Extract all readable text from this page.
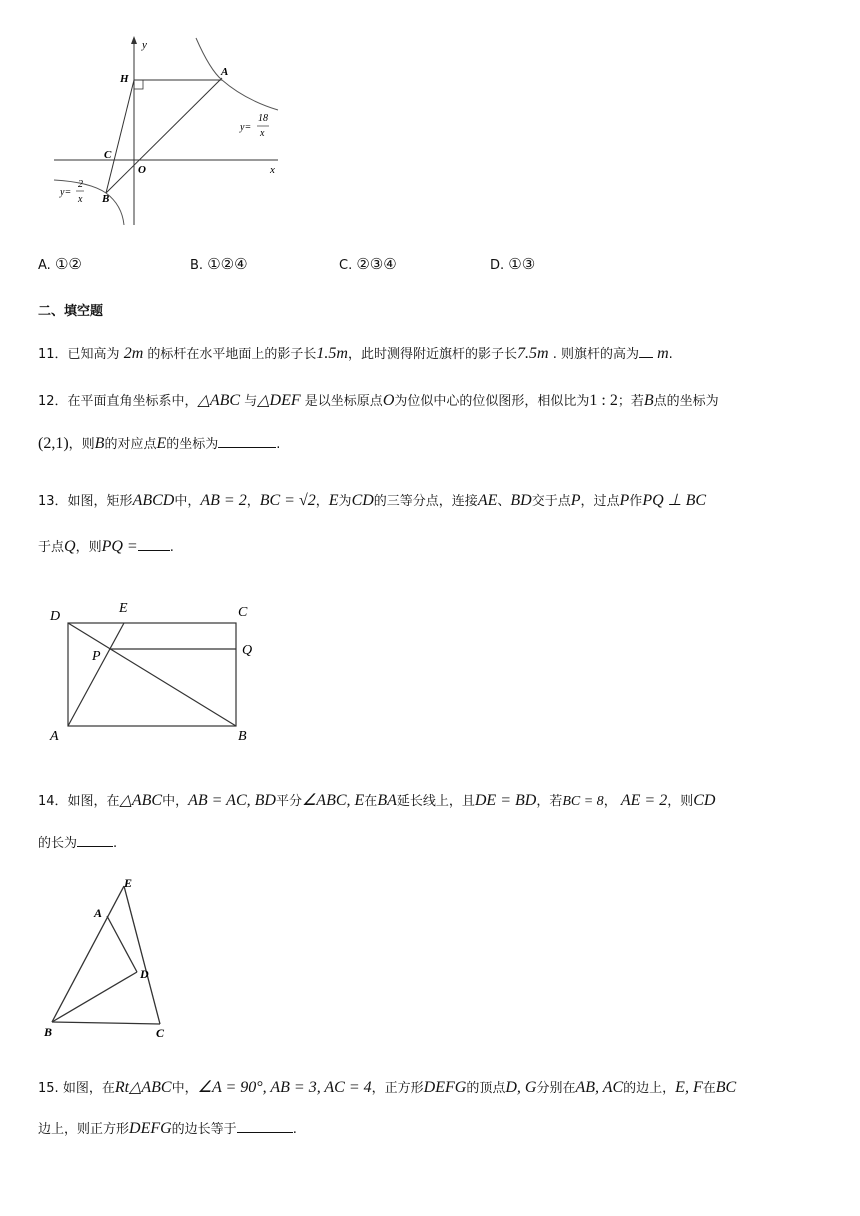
y
x
O
H
A
C
B
y=
18
x
y=
2
x
A. ①②	B. ①②④	C. ②③④	D. ①③
二、填空题
11．已知高为 2m 的标杆在水平地面上的影子长1.5m，此时测得附近旗杆的影子长7.5m . 则旗杆的高为 m.
12．在平面直角坐标系中，△ABC 与△DEF 是以坐标原点O为位似中心的位似图形，相似比为1 : 2；若B点的坐标为
(2,1)，则B的对应点E的坐标为	.
13．如图，矩形ABCD中，AB = 2，BC = √2，E为CD的三等分点，连接AE、BD交于点P，过点P作PQ ⊥ BC
于点Q，则PQ = .
D
E	C
P	Q
A	B
14．如图，在△ABC中，AB = AC, BD平分∠ABC, E在BA延长线上，且DE = BD，若BC = 8， AE = 2，则CD
的长为	.
E
A
D
B	C
15. 如图，在Rt△ABC中，∠A = 90°, AB = 3, AC = 4，正方形DEFG的顶点D, G分别在AB, AC的边上，E, F在BC
边上，则正方形DEFG的边长等于	.
